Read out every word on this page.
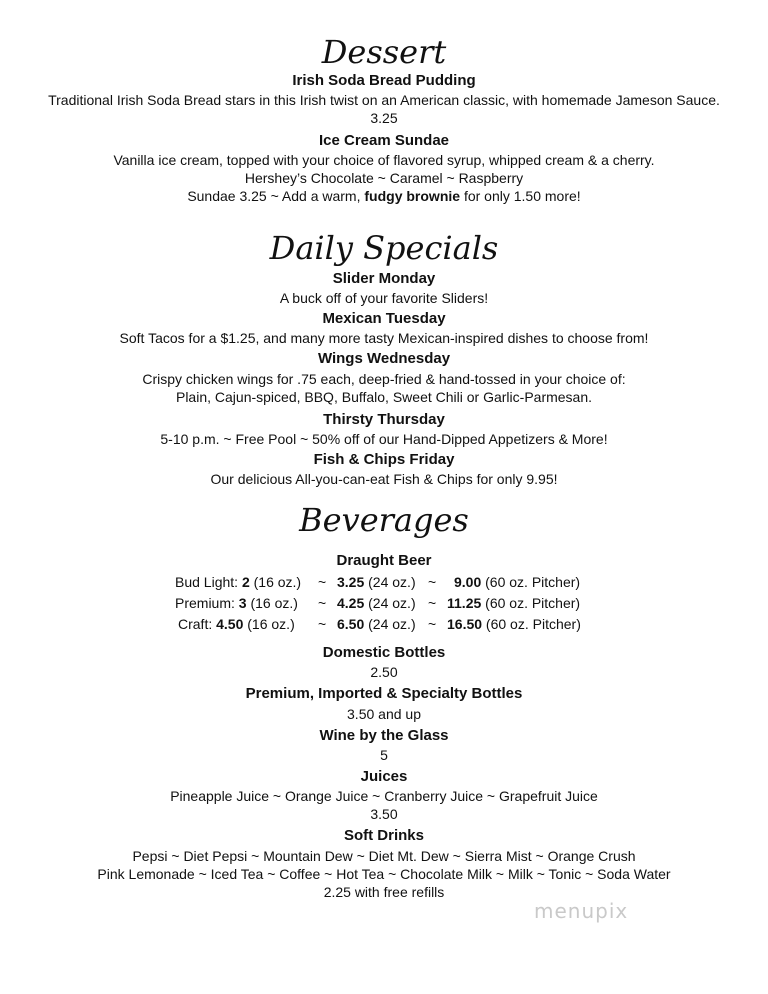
Dessert
Irish Soda Bread Pudding
Traditional Irish Soda Bread stars in this Irish twist on an American classic, with homemade Jameson Sauce.
3.25
Ice Cream Sundae
Vanilla ice cream, topped with your choice of flavored syrup, whipped cream & a cherry.
Hershey’s Chocolate ~ Caramel ~ Raspberry
Sundae 3.25 ~ Add a warm, fudgy brownie for only 1.50 more!
Daily Specials
Slider Monday
A buck off of your favorite Sliders!
Mexican Tuesday
Soft Tacos for a $1.25, and many more tasty Mexican-inspired dishes to choose from!
Wings Wednesday
Crispy chicken wings for .75 each, deep-fried & hand-tossed in your choice of:
Plain, Cajun-spiced, BBQ, Buffalo, Sweet Chili or Garlic-Parmesan.
Thirsty Thursday
5-10 p.m. ~ Free Pool ~ 50% off of our Hand-Dipped Appetizers & More!
Fish & Chips Friday
Our delicious All-you-can-eat Fish & Chips for only 9.95!
Beverages
Draught Beer
Bud Light: 2 (16 oz.) ~ 3.25 (24 oz.) ~ 9.00 (60 oz. Pitcher)
Premium: 3 (16 oz.) ~ 4.25 (24 oz.) ~ 11.25 (60 oz. Pitcher)
Craft: 4.50 (16 oz.) ~ 6.50 (24 oz.) ~ 16.50 (60 oz. Pitcher)
Domestic Bottles
2.50
Premium, Imported & Specialty Bottles
3.50 and up
Wine by the Glass
5
Juices
Pineapple Juice ~ Orange Juice ~ Cranberry Juice ~ Grapefruit Juice
3.50
Soft Drinks
Pepsi ~ Diet Pepsi ~ Mountain Dew ~ Diet Mt. Dew ~ Sierra Mist ~ Orange Crush
Pink Lemonade ~ Iced Tea ~ Coffee ~ Hot Tea ~ Chocolate Milk ~ Milk ~ Tonic ~ Soda Water
2.25 with free refills
menupix
